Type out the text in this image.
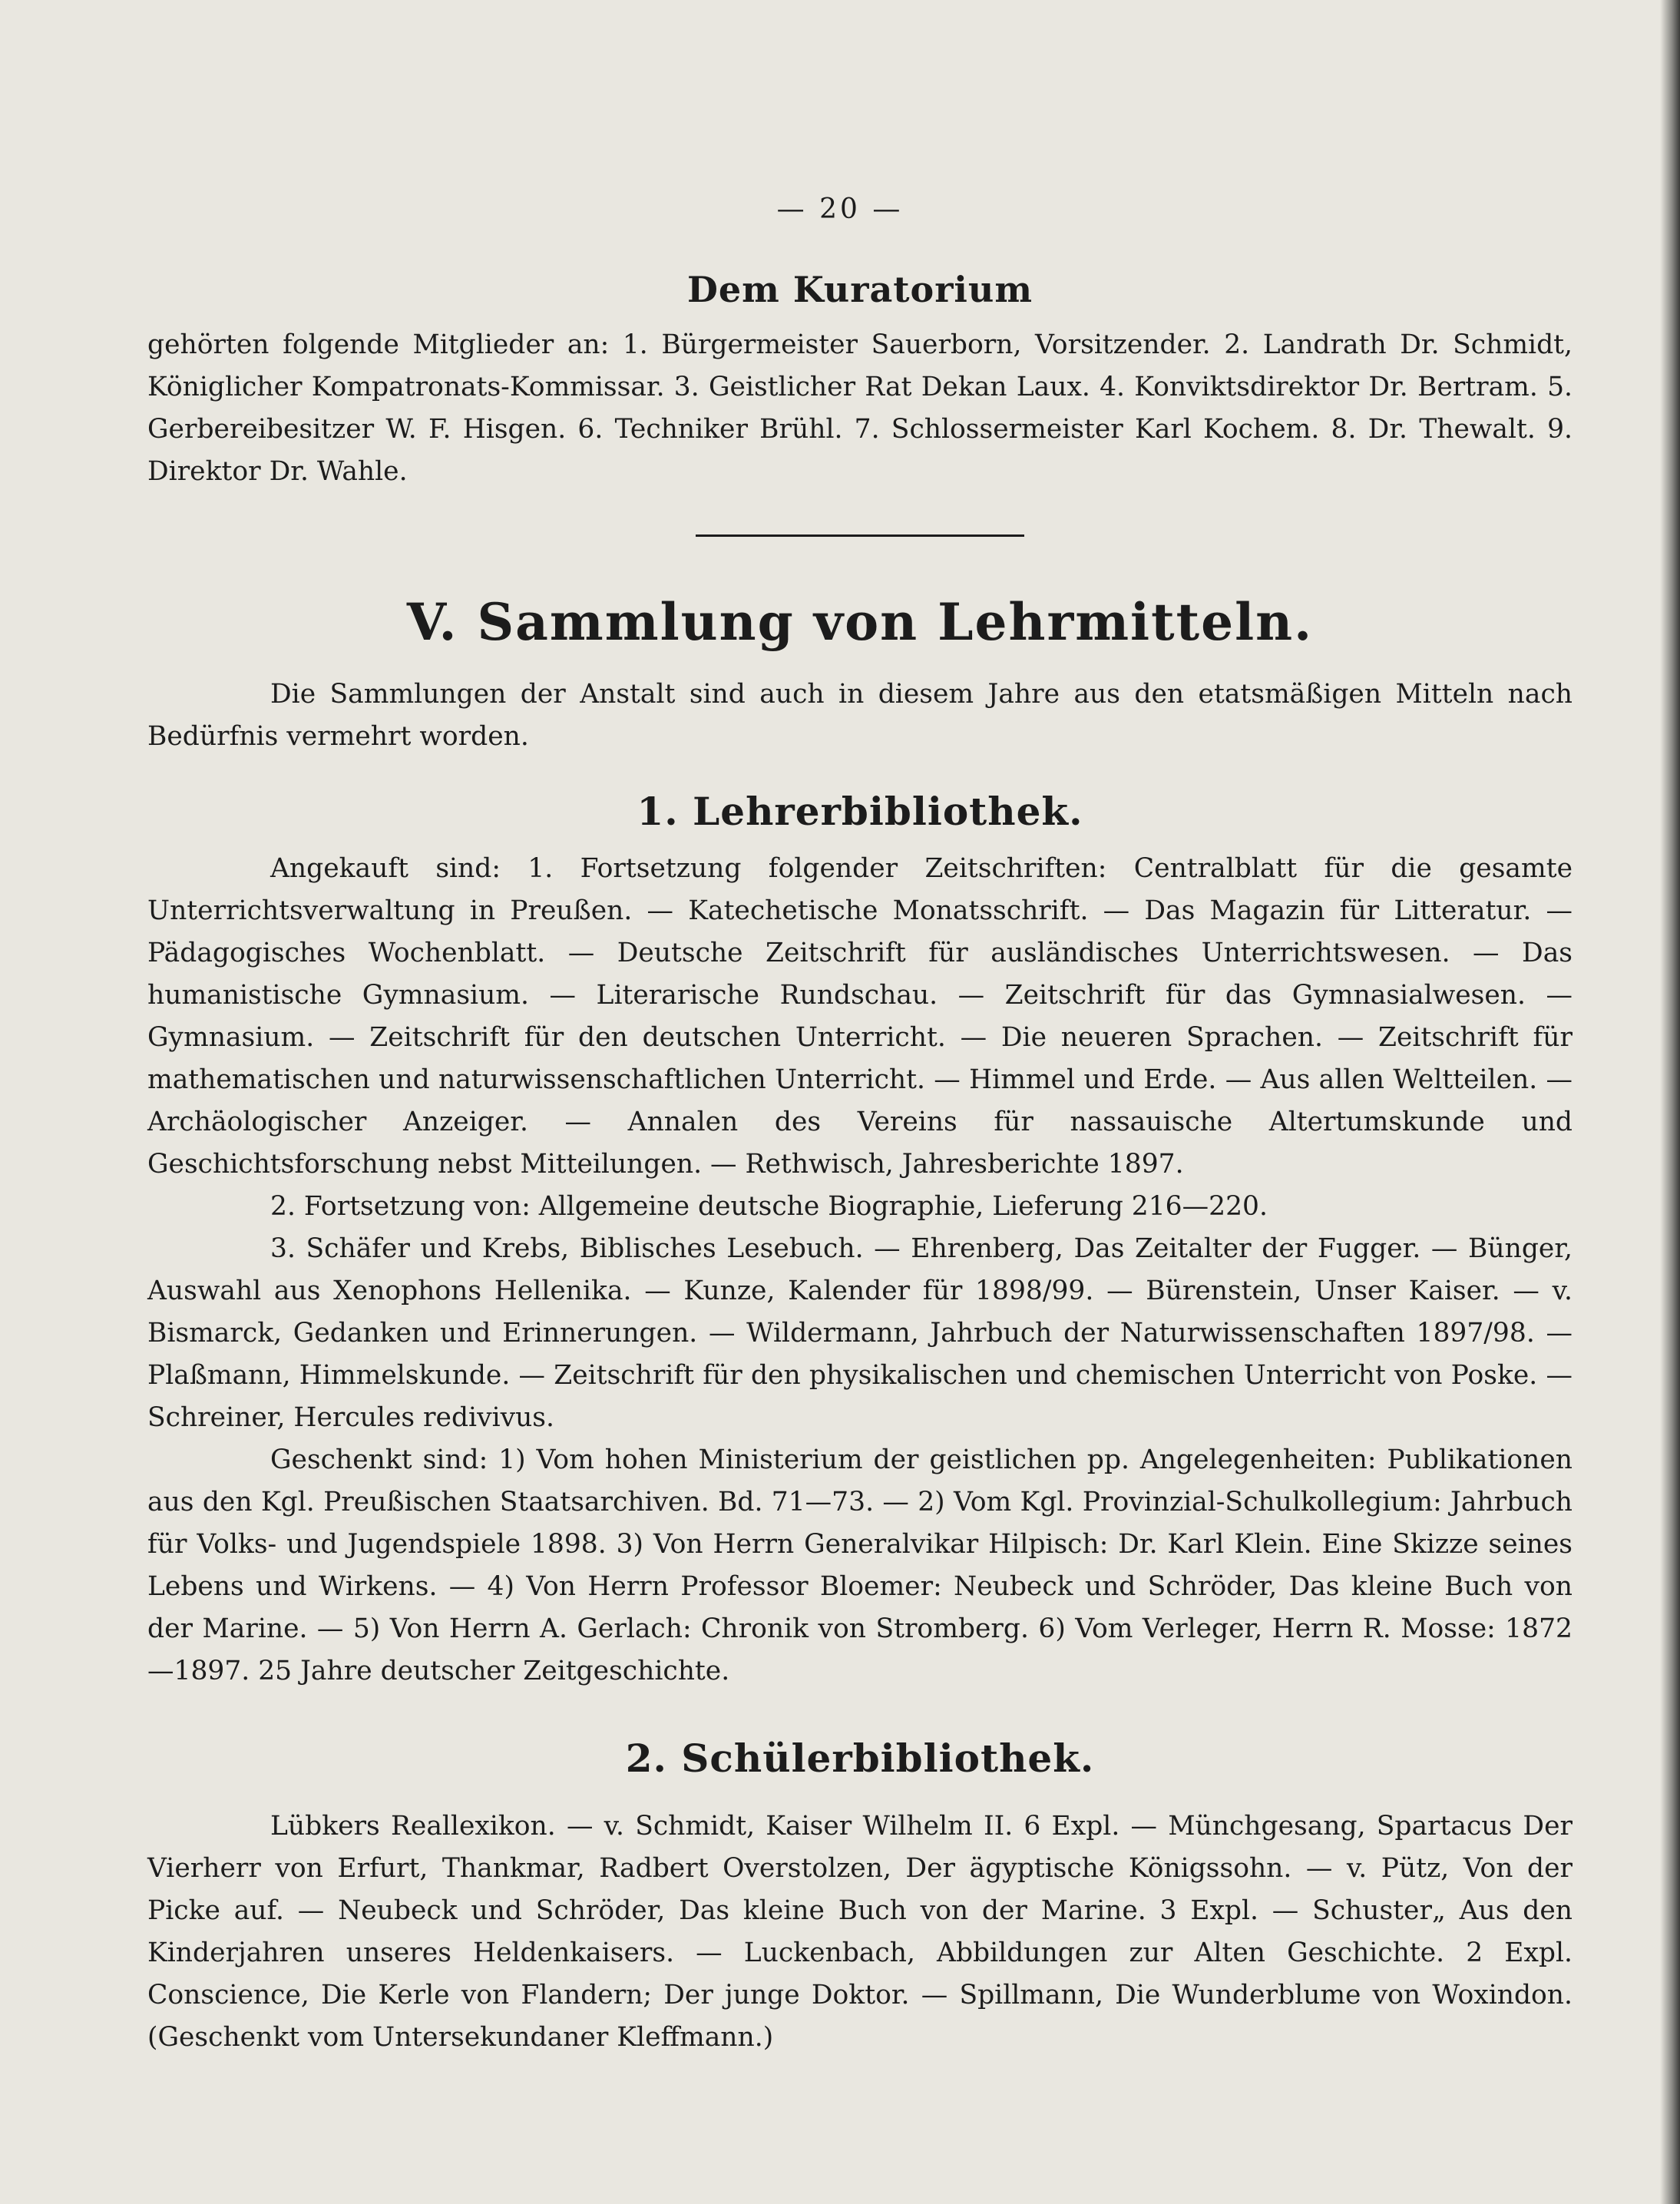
— 20 —
Dem Kuratorium

gehörten folgende Mitglieder an: 1. Bürgermeister Sauerborn, Vorsitzender. 2. Landrath Dr. Schmidt, Königlicher Kompatronats-Kommissar. 3. Geistlicher Rat Dekan Laux. 4. Konviktsdirektor Dr. Bertram. 5. Gerbereibesitzer W. F. Hisgen. 6. Techniker Brühl. 7. Schlossermeister Karl Kochem. 8. Dr. Thewalt. 9. Direktor Dr. Wahle.

V. Sammlung von Lehrmitteln.

Die Sammlungen der Anstalt sind auch in diesem Jahre aus den etatsmäßigen Mitteln nach Bedürfnis vermehrt worden.

1. Lehrerbibliothek.

Angekauft sind: 1. Fortsetzung folgender Zeitschriften: Centralblatt für die gesamte Unterrichtsverwaltung in Preußen. — Katechetische Monatsschrift. — Das Magazin für Litteratur. — Pädagogisches Wochenblatt. — Deutsche Zeitschrift für ausländisches Unterrichtswesen. — Das humanistische Gymnasium. — Literarische Rundschau. — Zeitschrift für das Gymnasialwesen. — Gymnasium. — Zeitschrift für den deutschen Unterricht. — Die neueren Sprachen. — Zeitschrift für mathematischen und naturwissenschaftlichen Unterricht. — Himmel und Erde. — Aus allen Weltteilen. — Archäologischer Anzeiger. — Annalen des Vereins für nassauische Altertumskunde und Geschichtsforschung nebst Mitteilungen. — Rethwisch, Jahresberichte 1897.

2. Fortsetzung von: Allgemeine deutsche Biographie, Lieferung 216—220.

3. Schäfer und Krebs, Biblisches Lesebuch. — Ehrenberg, Das Zeitalter der Fugger. — Bünger, Auswahl aus Xenophons Hellenika. — Kunze, Kalender für 1898/99. — Bürenstein, Unser Kaiser. — v. Bismarck, Gedanken und Erinnerungen. — Wildermann, Jahrbuch der Naturwissenschaften 1897/98. — Plaßmann, Himmelskunde. — Zeitschrift für den physikalischen und chemischen Unterricht von Poske. — Schreiner, Hercules redivivus.

Geschenkt sind: 1) Vom hohen Ministerium der geistlichen pp. Angelegenheiten: Publikationen aus den Kgl. Preußischen Staatsarchiven. Bd. 71—73. — 2) Vom Kgl. Provinzial-Schulkollegium: Jahrbuch für Volks- und Jugendspiele 1898. 3) Von Herrn Generalvikar Hilpisch: Dr. Karl Klein. Eine Skizze seines Lebens und Wirkens. — 4) Von Herrn Professor Bloemer: Neubeck und Schröder, Das kleine Buch von der Marine. — 5) Von Herrn A. Gerlach: Chronik von Stromberg. 6) Vom Verleger, Herrn R. Mosse: 1872—1897. 25 Jahre deutscher Zeitgeschichte.

2. Schülerbibliothek.

Lübkers Reallexikon. — v. Schmidt, Kaiser Wilhelm II. 6 Expl. — Münchgesang, Spartacus Der Vierherr von Erfurt, Thankmar, Radbert Overstolzen, Der ägyptische Königssohn. — v. Pütz, Von der Picke auf. — Neubeck und Schröder, Das kleine Buch von der Marine. 3 Expl. — Schuster„ Aus den Kinderjahren unseres Heldenkaisers. — Luckenbach, Abbildungen zur Alten Geschichte. 2 Expl. Conscience, Die Kerle von Flandern; Der junge Doktor. — Spillmann, Die Wunderblume von Woxindon. (Geschenkt vom Untersekundaner Kleffmann.)
